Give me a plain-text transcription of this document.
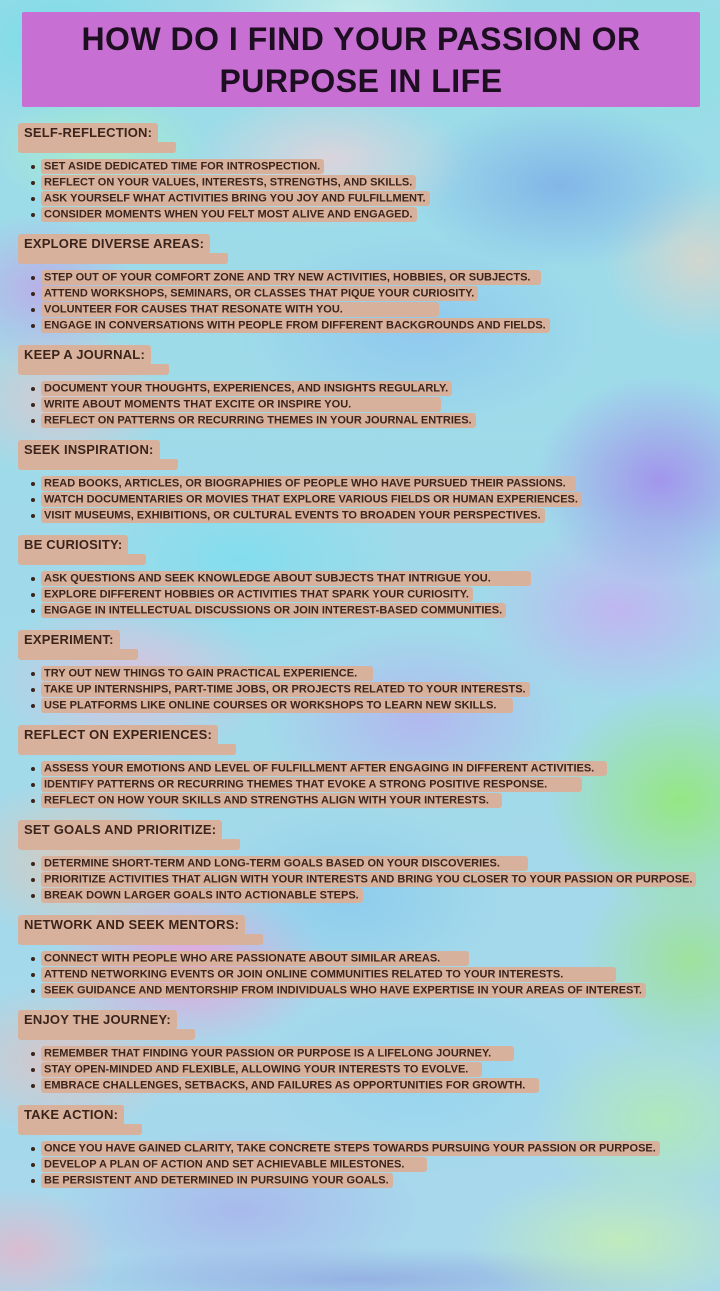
HOW DO I FIND YOUR PASSION OR
PURPOSE IN LIFE
SELF-REFLECTION:
SET ASIDE DEDICATED TIME FOR INTROSPECTION.
REFLECT ON YOUR VALUES, INTERESTS, STRENGTHS, AND SKILLS.
ASK YOURSELF WHAT ACTIVITIES BRING YOU JOY AND FULFILLMENT.
CONSIDER MOMENTS WHEN YOU FELT MOST ALIVE AND ENGAGED.
EXPLORE DIVERSE AREAS:
STEP OUT OF YOUR COMFORT ZONE AND TRY NEW ACTIVITIES, HOBBIES, OR SUBJECTS.
ATTEND WORKSHOPS, SEMINARS, OR CLASSES THAT PIQUE YOUR CURIOSITY.
VOLUNTEER FOR CAUSES THAT RESONATE WITH YOU.
ENGAGE IN CONVERSATIONS WITH PEOPLE FROM DIFFERENT BACKGROUNDS AND FIELDS.
KEEP A JOURNAL:
DOCUMENT YOUR THOUGHTS, EXPERIENCES, AND INSIGHTS REGULARLY.
WRITE ABOUT MOMENTS THAT EXCITE OR INSPIRE YOU.
REFLECT ON PATTERNS OR RECURRING THEMES IN YOUR JOURNAL ENTRIES.
SEEK INSPIRATION:
READ BOOKS, ARTICLES, OR BIOGRAPHIES OF PEOPLE WHO HAVE PURSUED THEIR PASSIONS.
WATCH DOCUMENTARIES OR MOVIES THAT EXPLORE VARIOUS FIELDS OR HUMAN EXPERIENCES.
VISIT MUSEUMS, EXHIBITIONS, OR CULTURAL EVENTS TO BROADEN YOUR PERSPECTIVES.
BE CURIOSITY:
ASK QUESTIONS AND SEEK KNOWLEDGE ABOUT SUBJECTS THAT INTRIGUE YOU.
EXPLORE DIFFERENT HOBBIES OR ACTIVITIES THAT SPARK YOUR CURIOSITY.
ENGAGE IN INTELLECTUAL DISCUSSIONS OR JOIN INTEREST-BASED COMMUNITIES.
EXPERIMENT:
TRY OUT NEW THINGS TO GAIN PRACTICAL EXPERIENCE.
TAKE UP INTERNSHIPS, PART-TIME JOBS, OR PROJECTS RELATED TO YOUR INTERESTS.
USE PLATFORMS LIKE ONLINE COURSES OR WORKSHOPS TO LEARN NEW SKILLS.
REFLECT ON EXPERIENCES:
ASSESS YOUR EMOTIONS AND LEVEL OF FULFILLMENT AFTER ENGAGING IN DIFFERENT ACTIVITIES.
IDENTIFY PATTERNS OR RECURRING THEMES THAT EVOKE A STRONG POSITIVE RESPONSE.
REFLECT ON HOW YOUR SKILLS AND STRENGTHS ALIGN WITH YOUR INTERESTS.
SET GOALS AND PRIORITIZE:
DETERMINE SHORT-TERM AND LONG-TERM GOALS BASED ON YOUR DISCOVERIES.
PRIORITIZE ACTIVITIES THAT ALIGN WITH YOUR INTERESTS AND BRING YOU CLOSER TO YOUR PASSION OR PURPOSE.
BREAK DOWN LARGER GOALS INTO ACTIONABLE STEPS.
NETWORK AND SEEK MENTORS:
CONNECT WITH PEOPLE WHO ARE PASSIONATE ABOUT SIMILAR AREAS.
ATTEND NETWORKING EVENTS OR JOIN ONLINE COMMUNITIES RELATED TO YOUR INTERESTS.
SEEK GUIDANCE AND MENTORSHIP FROM INDIVIDUALS WHO HAVE EXPERTISE IN YOUR AREAS OF INTEREST.
ENJOY THE JOURNEY:
REMEMBER THAT FINDING YOUR PASSION OR PURPOSE IS A LIFELONG JOURNEY.
STAY OPEN-MINDED AND FLEXIBLE, ALLOWING YOUR INTERESTS TO EVOLVE.
EMBRACE CHALLENGES, SETBACKS, AND FAILURES AS OPPORTUNITIES FOR GROWTH.
TAKE ACTION:
ONCE YOU HAVE GAINED CLARITY, TAKE CONCRETE STEPS TOWARDS PURSUING YOUR PASSION OR PURPOSE.
DEVELOP A PLAN OF ACTION AND SET ACHIEVABLE MILESTONES.
BE PERSISTENT AND DETERMINED IN PURSUING YOUR GOALS.
